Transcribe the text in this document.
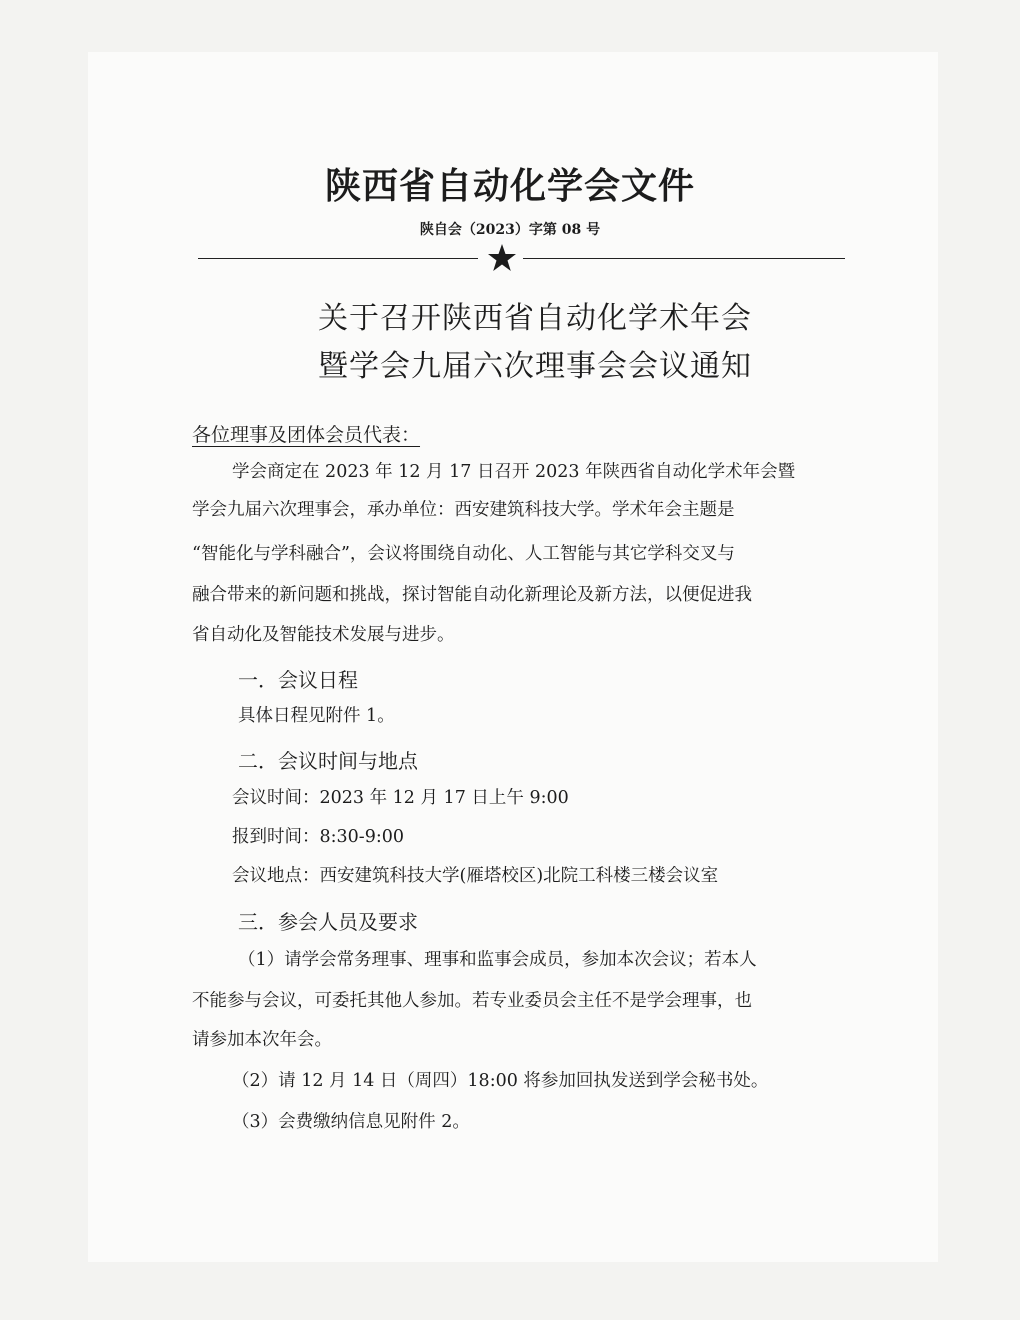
陕西省自动化学会文件
陕自会（2023）字第 08 号
关于召开陕西省自动化学术年会
暨学会九届六次理事会会议通知
各位理事及团体会员代表：
学会商定在 2023 年 12 月 17 日召开 2023 年陕西省自动化学术年会暨
学会九届六次理事会，承办单位：西安建筑科技大学。学术年会主题是
“智能化与学科融合”，会议将围绕自动化、人工智能与其它学科交叉与
融合带来的新问题和挑战，探讨智能自动化新理论及新方法，以便促进我
省自动化及智能技术发展与进步。
一．会议日程
具体日程见附件 1。
二．会议时间与地点
会议时间：2023 年 12 月 17 日上午 9:00
报到时间：8:30-9:00
会议地点：西安建筑科技大学(雁塔校区)北院工科楼三楼会议室
三．参会人员及要求
（1）请学会常务理事、理事和监事会成员，参加本次会议；若本人
不能参与会议，可委托其他人参加。若专业委员会主任不是学会理事，也
请参加本次年会。
（2）请 12 月 14 日（周四）18:00 将参加回执发送到学会秘书处。
（3）会费缴纳信息见附件 2。
